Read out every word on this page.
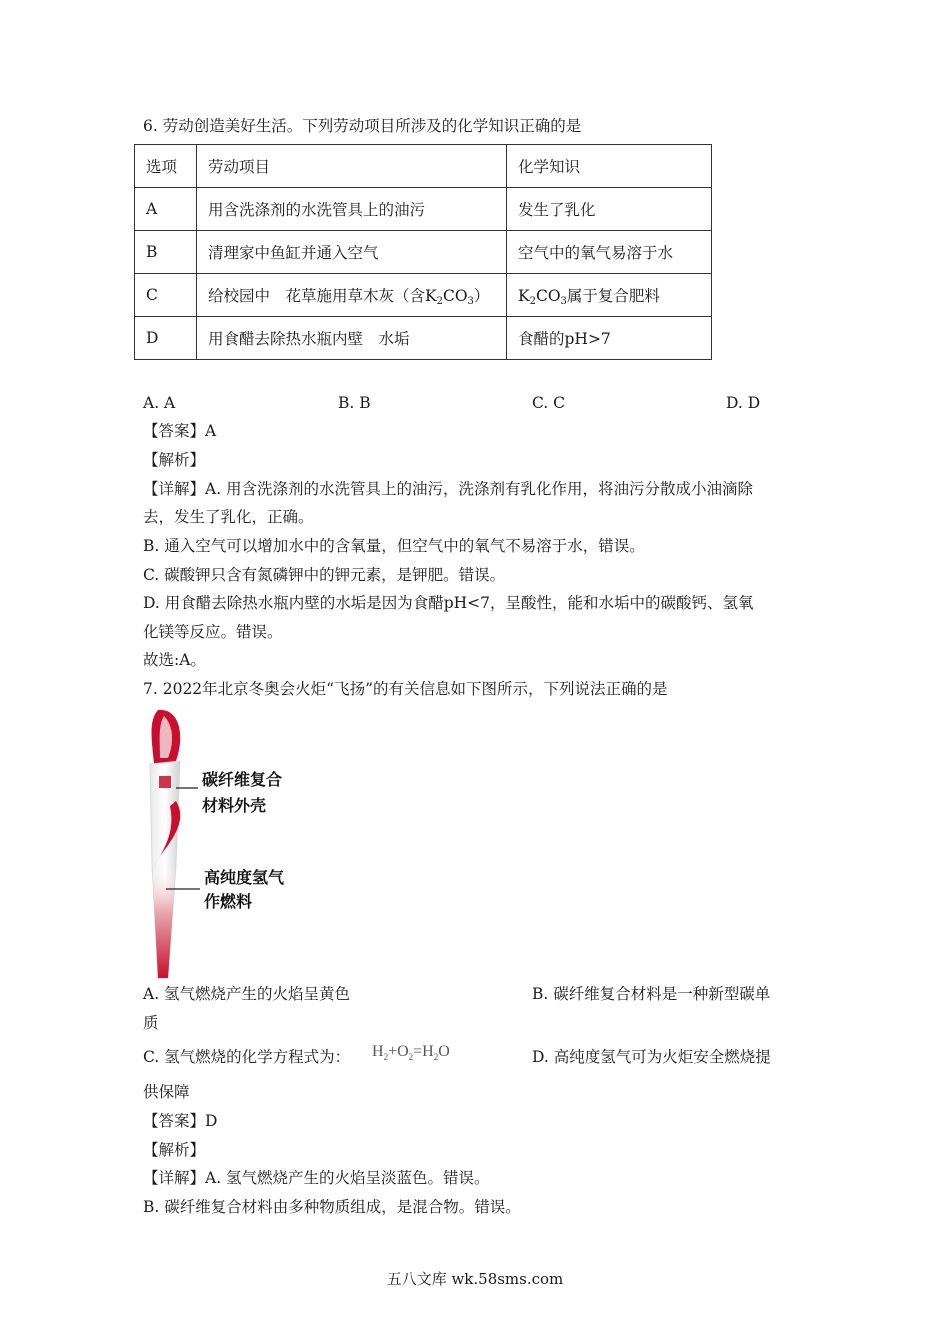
6. 劳动创造美好生活。下列劳动项目所涉及的化学知识正确的是
选项	劳动项目	化学知识
A	用含洗涤剂的水洗管具上的油污	发生了乳化
B	清理家中鱼缸并通入空气	空气中的氧气易溶于水
C	给校园中　花草施用草木灰（含$K_2CO_3$）	$K_2CO_3$属于复合肥料
D	用食醋去除热水瓶内壁　水垢	食醋的pH>7
A. A	B. B	C. C	D. D
【答案】A
【解析】
【详解】A. 用含洗涤剂的水洗管具上的油污，洗涤剂有乳化作用，将油污分散成小油滴除
去，发生了乳化，正确。
B. 通入空气可以增加水中的含氧量，但空气中的氧气不易溶于水，错误。
C. 碳酸钾只含有氮磷钾中的钾元素，是钾肥。错误。
D. 用食醋去除热水瓶内壁的水垢是因为食醋pH<7，呈酸性，能和水垢中的碳酸钙、氢氧
化镁等反应。错误。
故选:A。
7. 2022年北京冬奥会火炬“飞扬”的有关信息如下图所示，下列说法正确的是
碳纤维复合
材料外壳
高纯度氢气
作燃料
A. 氢气燃烧产生的火焰呈黄色	B. 碳纤维复合材料是一种新型碳单
质
C. 氢气燃烧的化学方程式为： $H_2+O_2=H_2O$	D. 高纯度氢气可为火炬安全燃烧提
供保障
【答案】D
【解析】
【详解】A. 氢气燃烧产生的火焰呈淡蓝色。错误。
B. 碳纤维复合材料由多种物质组成，是混合物。错误。
五八文库 wk.58sms.com
